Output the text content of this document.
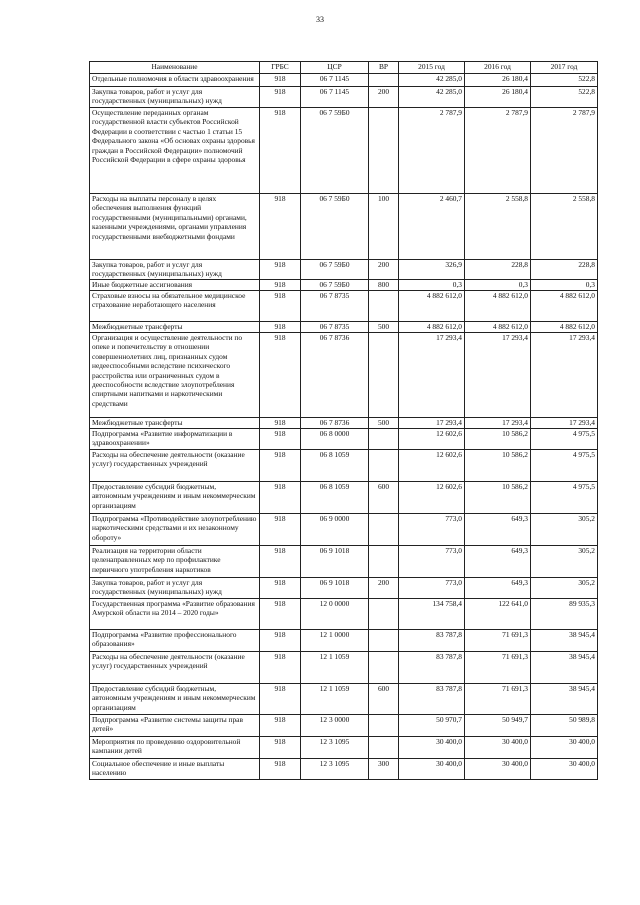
33
Наименование	ГРБС	ЦСР	ВР	2015 год	2016 год	2017 год
Отдельные полномочия в области здравоохранения	918	06 7 1145		42 285,0	26 180,4	522,8
Закупка товаров, работ и услуг для государственных (муниципальных) нужд	918	06 7 1145	200	42 285,0	26 180,4	522,8
Осуществление переданных органам государственной власти субъектов Российской Федерации в соответствии с частью 1 статьи 15 Федерального закона «Об основах охраны здоровья граждан в Российской Федерации» полномочий Российской Федерации в сфере охраны здоровья	918	06 7 59Б0		2 787,9	2 787,9	2 787,9
Расходы на выплаты персоналу в целях обеспечения выполнения функций государственными (муниципальными) органами, казенными учреждениями, органами управления государственными внебюджетными фондами	918	06 7 59Б0	100	2 460,7	2 558,8	2 558,8
Закупка товаров, работ и услуг для государственных (муниципальных) нужд	918	06 7 59Б0	200	326,9	228,8	228,8
Иные бюджетные ассигнования	918	06 7 59Б0	800	0,3	0,3	0,3
Страховые взносы на обязательное медицинское страхование неработающего населения	918	06 7 8735		4 882 612,0	4 882 612,0	4 882 612,0
Межбюджетные трансферты	918	06 7 8735	500	4 882 612,0	4 882 612,0	4 882 612,0
Организация и осуществление деятельности по опеке и попечительству в отношении совершеннолетних лиц, признанных судом недееспособными вследствие психического расстройства или ограниченных судом в дееспособности вследствие злоупотребления спиртными напитками и наркотическими средствами	918	06 7 8736		17 293,4	17 293,4	17 293,4
Межбюджетные трансферты	918	06 7 8736	500	17 293,4	17 293,4	17 293,4
Подпрограмма «Развитие информатизации в здравоохранении»	918	06 8 0000		12 602,6	10 586,2	4 975,5
Расходы на обеспечение деятельности (оказание услуг) государственных учреждений	918	06 8 1059		12 602,6	10 586,2	4 975,5
Предоставление субсидий бюджетным, автономным учреждениям и иным некоммерческим организациям	918	06 8 1059	600	12 602,6	10 586,2	4 975,5
Подпрограмма «Противодействие злоупотреблению наркотическими средствами и их незаконному обороту»	918	06 9 0000		773,0	649,3	305,2
Реализация на территории области целенаправленных мер по профилактике первичного употребления наркотиков	918	06 9 1018		773,0	649,3	305,2
Закупка товаров, работ и услуг для государственных (муниципальных) нужд	918	06 9 1018	200	773,0	649,3	305,2
Государственная программа «Развитие образования Амурской области на 2014 – 2020 годы»	918	12 0 0000		134 758,4	122 641,0	89 935,3
Подпрограмма «Развитие профессионального образования»	918	12 1 0000		83 787,8	71 691,3	38 945,4
Расходы на обеспечение деятельности (оказание услуг) государственных учреждений	918	12 1 1059		83 787,8	71 691,3	38 945,4
Предоставление субсидий бюджетным, автономным учреждениям и иным некоммерческим организациям	918	12 1 1059	600	83 787,8	71 691,3	38 945,4
Подпрограмма «Развитие системы защиты прав детей»	918	12 3 0000		50 970,7	50 949,7	50 989,8
Мероприятия по проведению оздоровительной кампании детей	918	12 3 1095		30 400,0	30 400,0	30 400,0
Социальное обеспечение и иные выплаты населению	918	12 3 1095	300	30 400,0	30 400,0	30 400,0
